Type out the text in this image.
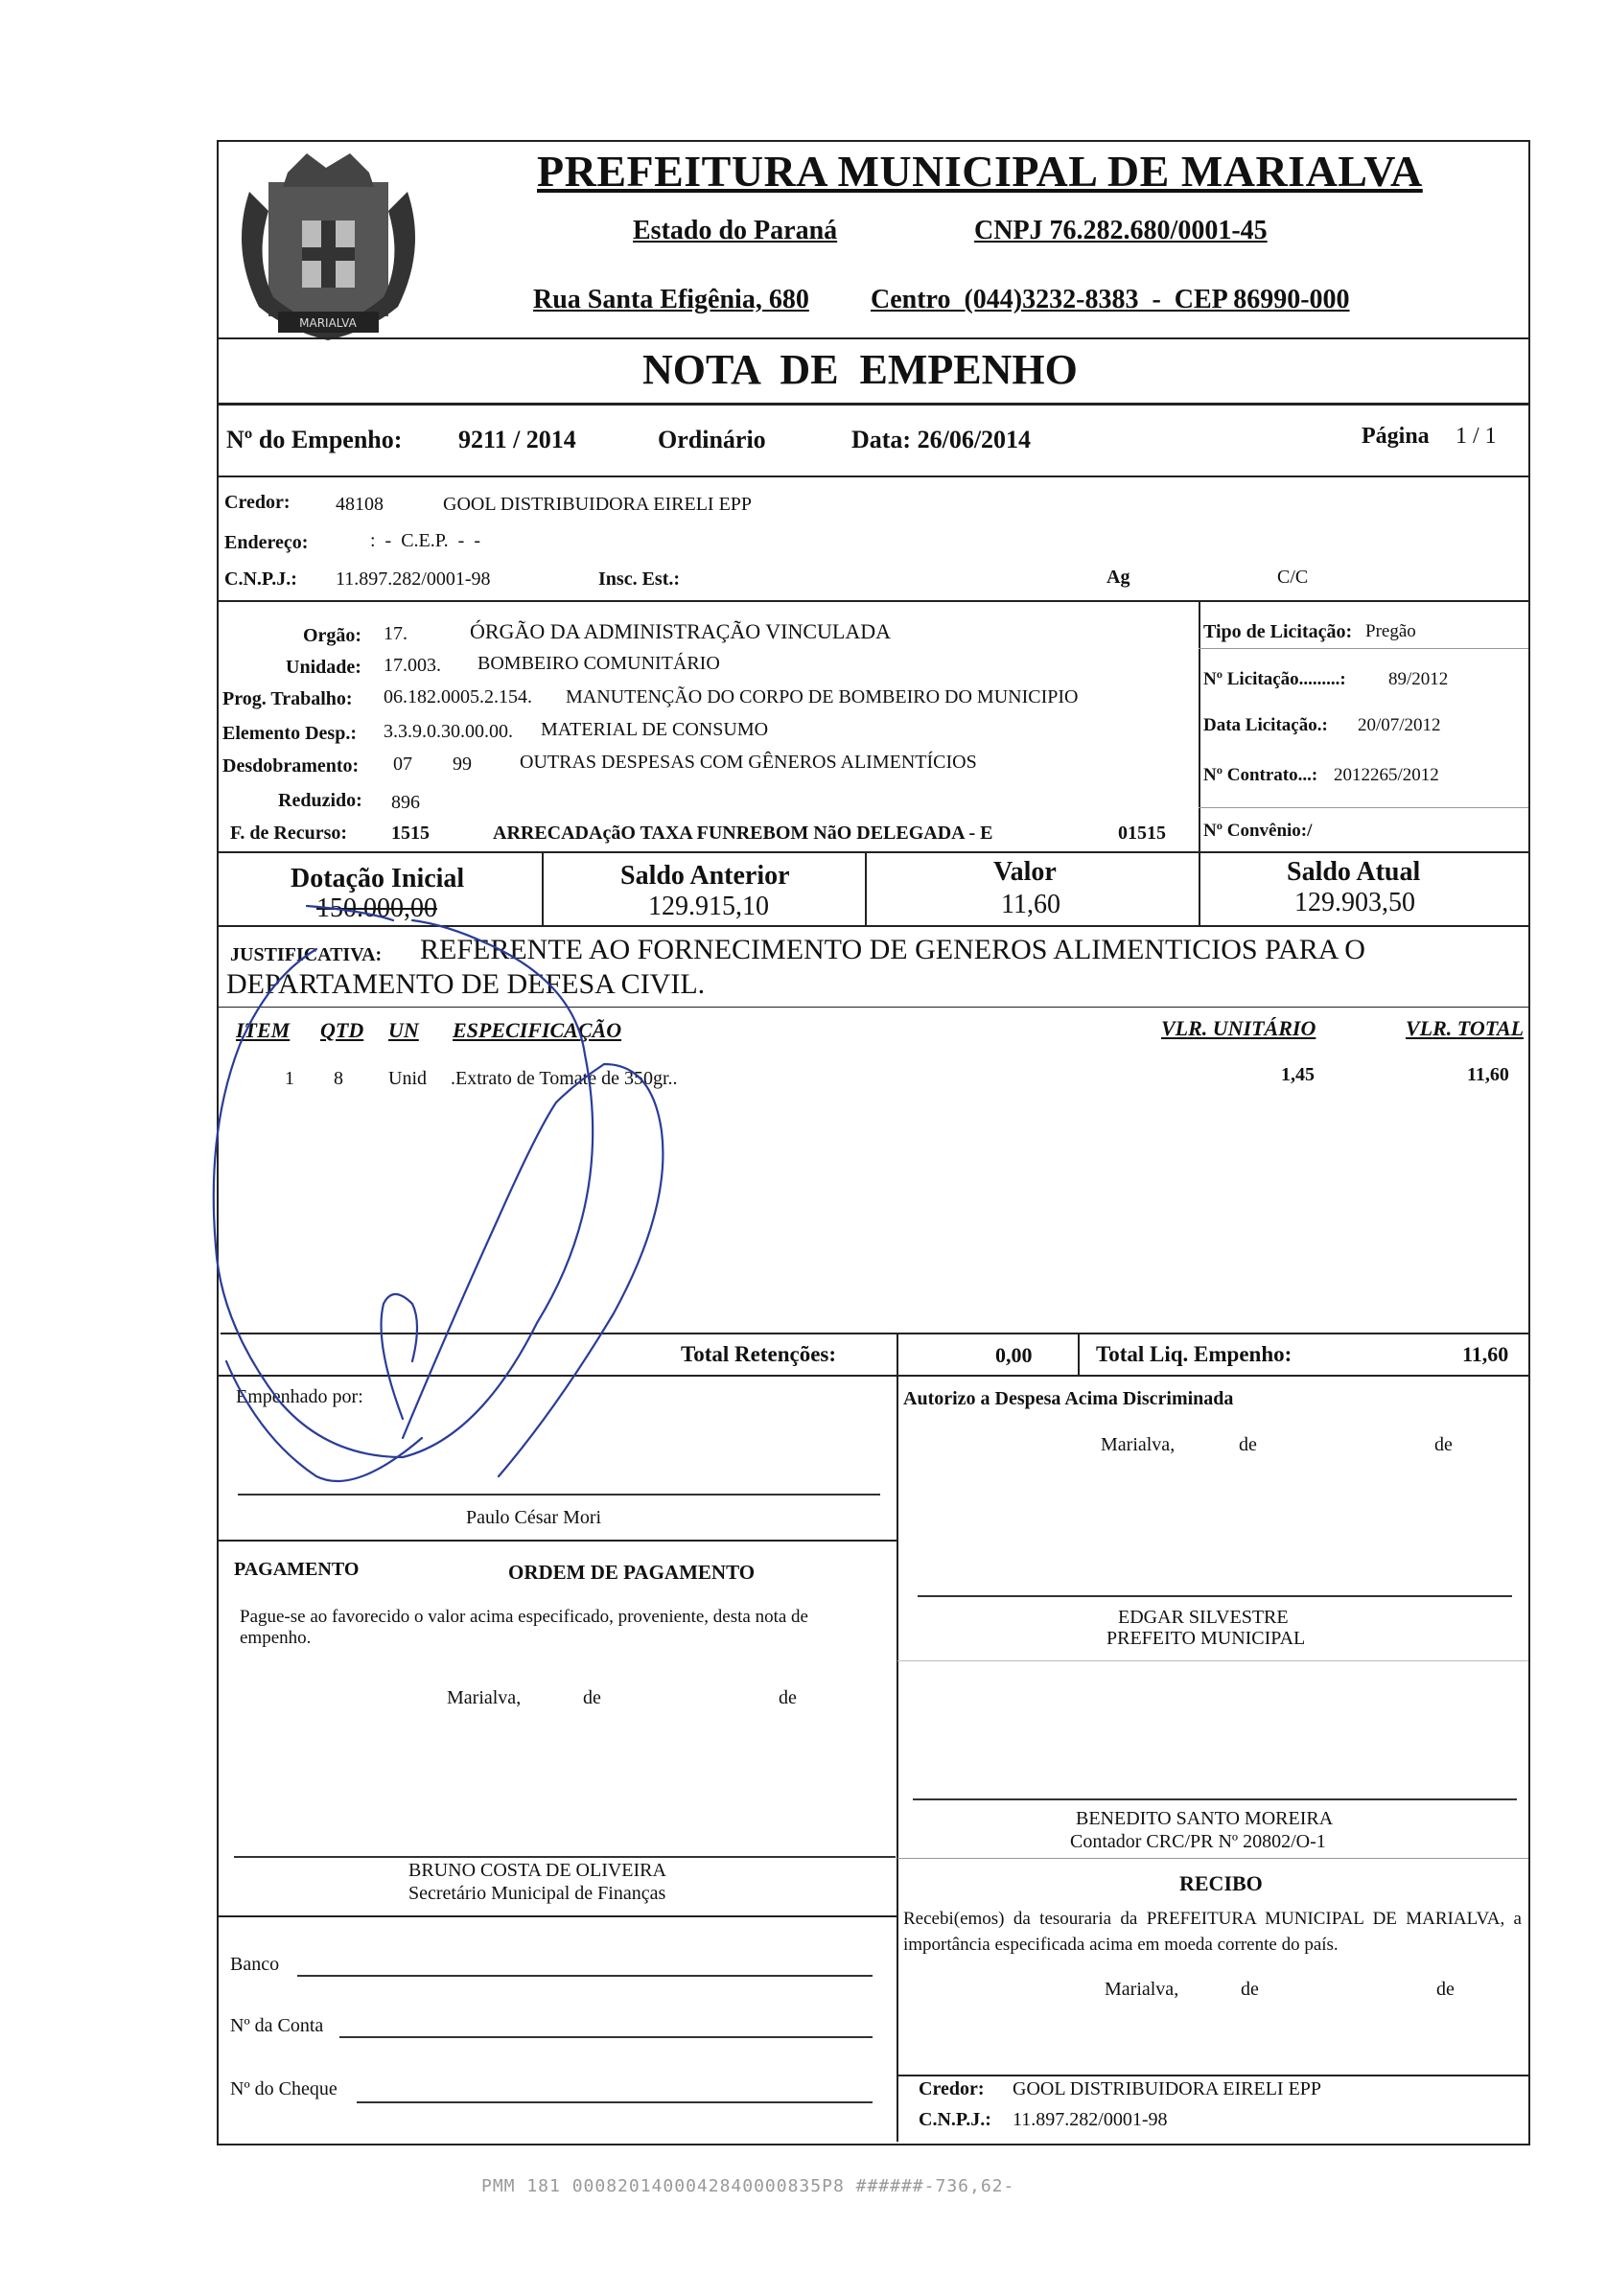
MARIALVA
PREFEITURA MUNICIPAL DE MARIALVA
Estado do Paraná	CNPJ 76.282.680/0001-45
Rua Santa Efigênia, 680 Centro  (044)3232-8383  -  CEP 86990-000
NOTA  DE  EMPENHO
Nº do Empenho: 9211 / 2014	Ordinário	Data: 26/06/2014	Página 1 / 1
Credor: 48108	GOOL DISTRIBUIDORA EIRELI EPP
Endereço:	:  -  C.E.P.  -  -
C.N.P.J.: 11.897.282/0001-98	Insc. Est.:	Ag	C/C
Orgão: 17.	ÓRGÃO DA ADMINISTRAÇÃO VINCULADA
Unidade: 17.003. BOMBEIRO COMUNITÁRIO
Prog. Trabalho: 06.182.0005.2.154. MANUTENÇÃO DO CORPO DE BOMBEIRO DO MUNICIPIO
Elemento Desp.: 3.3.9.0.30.00.00. MATERIAL DE CONSUMO
Desdobramento: 07 99	OUTRAS DESPESAS COM GÊNEROS ALIMENTÍCIOS
Reduzido: 896
F. de Recurso: 1515	ARRECADAçãO TAXA FUNREBOM NãO DELEGADA - E	01515
Tipo de Licitação: Pregão
Nº Licitação.........: 89/2012
Data Licitação.: 20/07/2012
Nº Contrato...: 2012265/2012
Nº Convênio:/
Dotação Inicial
150.000,00
Saldo Anterior
129.915,10
Valor
11,60
Saldo Atual
129.903,50
JUSTIFICATIVA: REFERENTE AO FORNECIMENTO DE GENEROS ALIMENTICIOS PARA O
DEPARTAMENTO DE DEFESA CIVIL.
ITEM QTD UN ESPECIFICAÇÃO	VLR. UNITÁRIO	VLR. TOTAL
1 8 Unid .Extrato de Tomate de 350gr..	1,45	11,60
Total Retenções:	0,00	Total Liq. Empenho:	11,60
Empenhado por:
Paulo César Mori
PAGAMENTO	ORDEM DE PAGAMENTO
Pague-se ao favorecido o valor acima especificado, proveniente, desta nota de empenho.
Marialva,	de	de
BRUNO COSTA DE OLIVEIRA
Secretário Municipal de Finanças
Banco
Nº da Conta
Nº do Cheque
Autorizo a Despesa Acima Discriminada
Marialva,	de	de
EDGAR SILVESTRE
PREFEITO MUNICIPAL
BENEDITO SANTO MOREIRA
Contador CRC/PR Nº 20802/O-1
RECIBO
Recebi(emos) da tesouraria da PREFEITURA MUNICIPAL DE MARIALVA, a importância especificada acima em moeda corrente do país.
Marialva,	de	de
Credor: GOOL DISTRIBUIDORA EIRELI EPP
C.N.P.J.: 11.897.282/0001-98
PMM 181 0008201400042840000835P8 ######-736,62-
